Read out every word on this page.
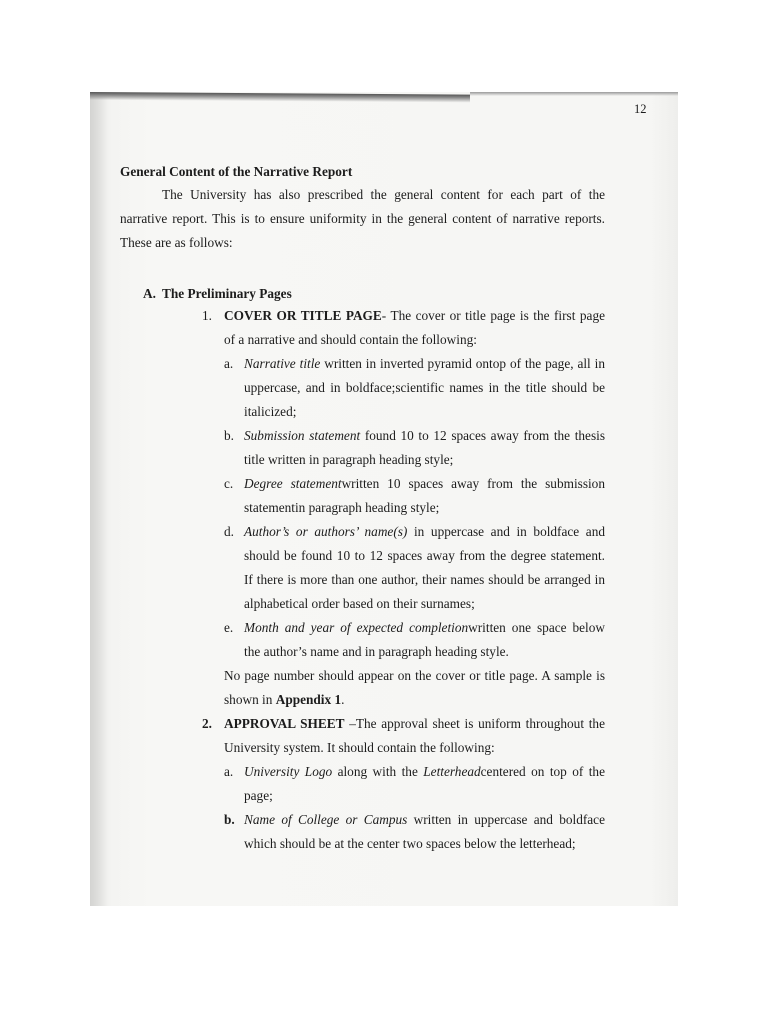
12
General Content of the Narrative Report
The University has also prescribed the general content for each part of the
narrative report. This is to ensure uniformity in the general content of narrative reports.
These are as follows:
A. The Preliminary Pages
1. COVER OR TITLE PAGE- The cover or title page is the first page
of a narrative and should contain the following:
a. Narrative title written in inverted pyramid ontop of the page, all in
uppercase, and in boldface;scientific names in the title should be
italicized;
b. Submission statement found 10 to 12 spaces away from the thesis
title written in paragraph heading style;
c. Degree statementwritten 10 spaces away from the submission
statementin paragraph heading style;
d. Author’s or authors’ name(s) in uppercase and in boldface and
should be found 10 to 12 spaces away from the degree statement.
If there is more than one author, their names should be arranged in
alphabetical order based on their surnames;
e. Month and year of expected completionwritten one space below
the author’s name and in paragraph heading style.
No page number should appear on the cover or title page. A sample is
shown in Appendix 1.
2. APPROVAL SHEET –The approval sheet is uniform throughout the
University system. It should contain the following:
a. University Logo along with the Letterheadcentered on top of the
page;
b. Name of College or Campus written in uppercase and boldface
which should be at the center two spaces below the letterhead;
